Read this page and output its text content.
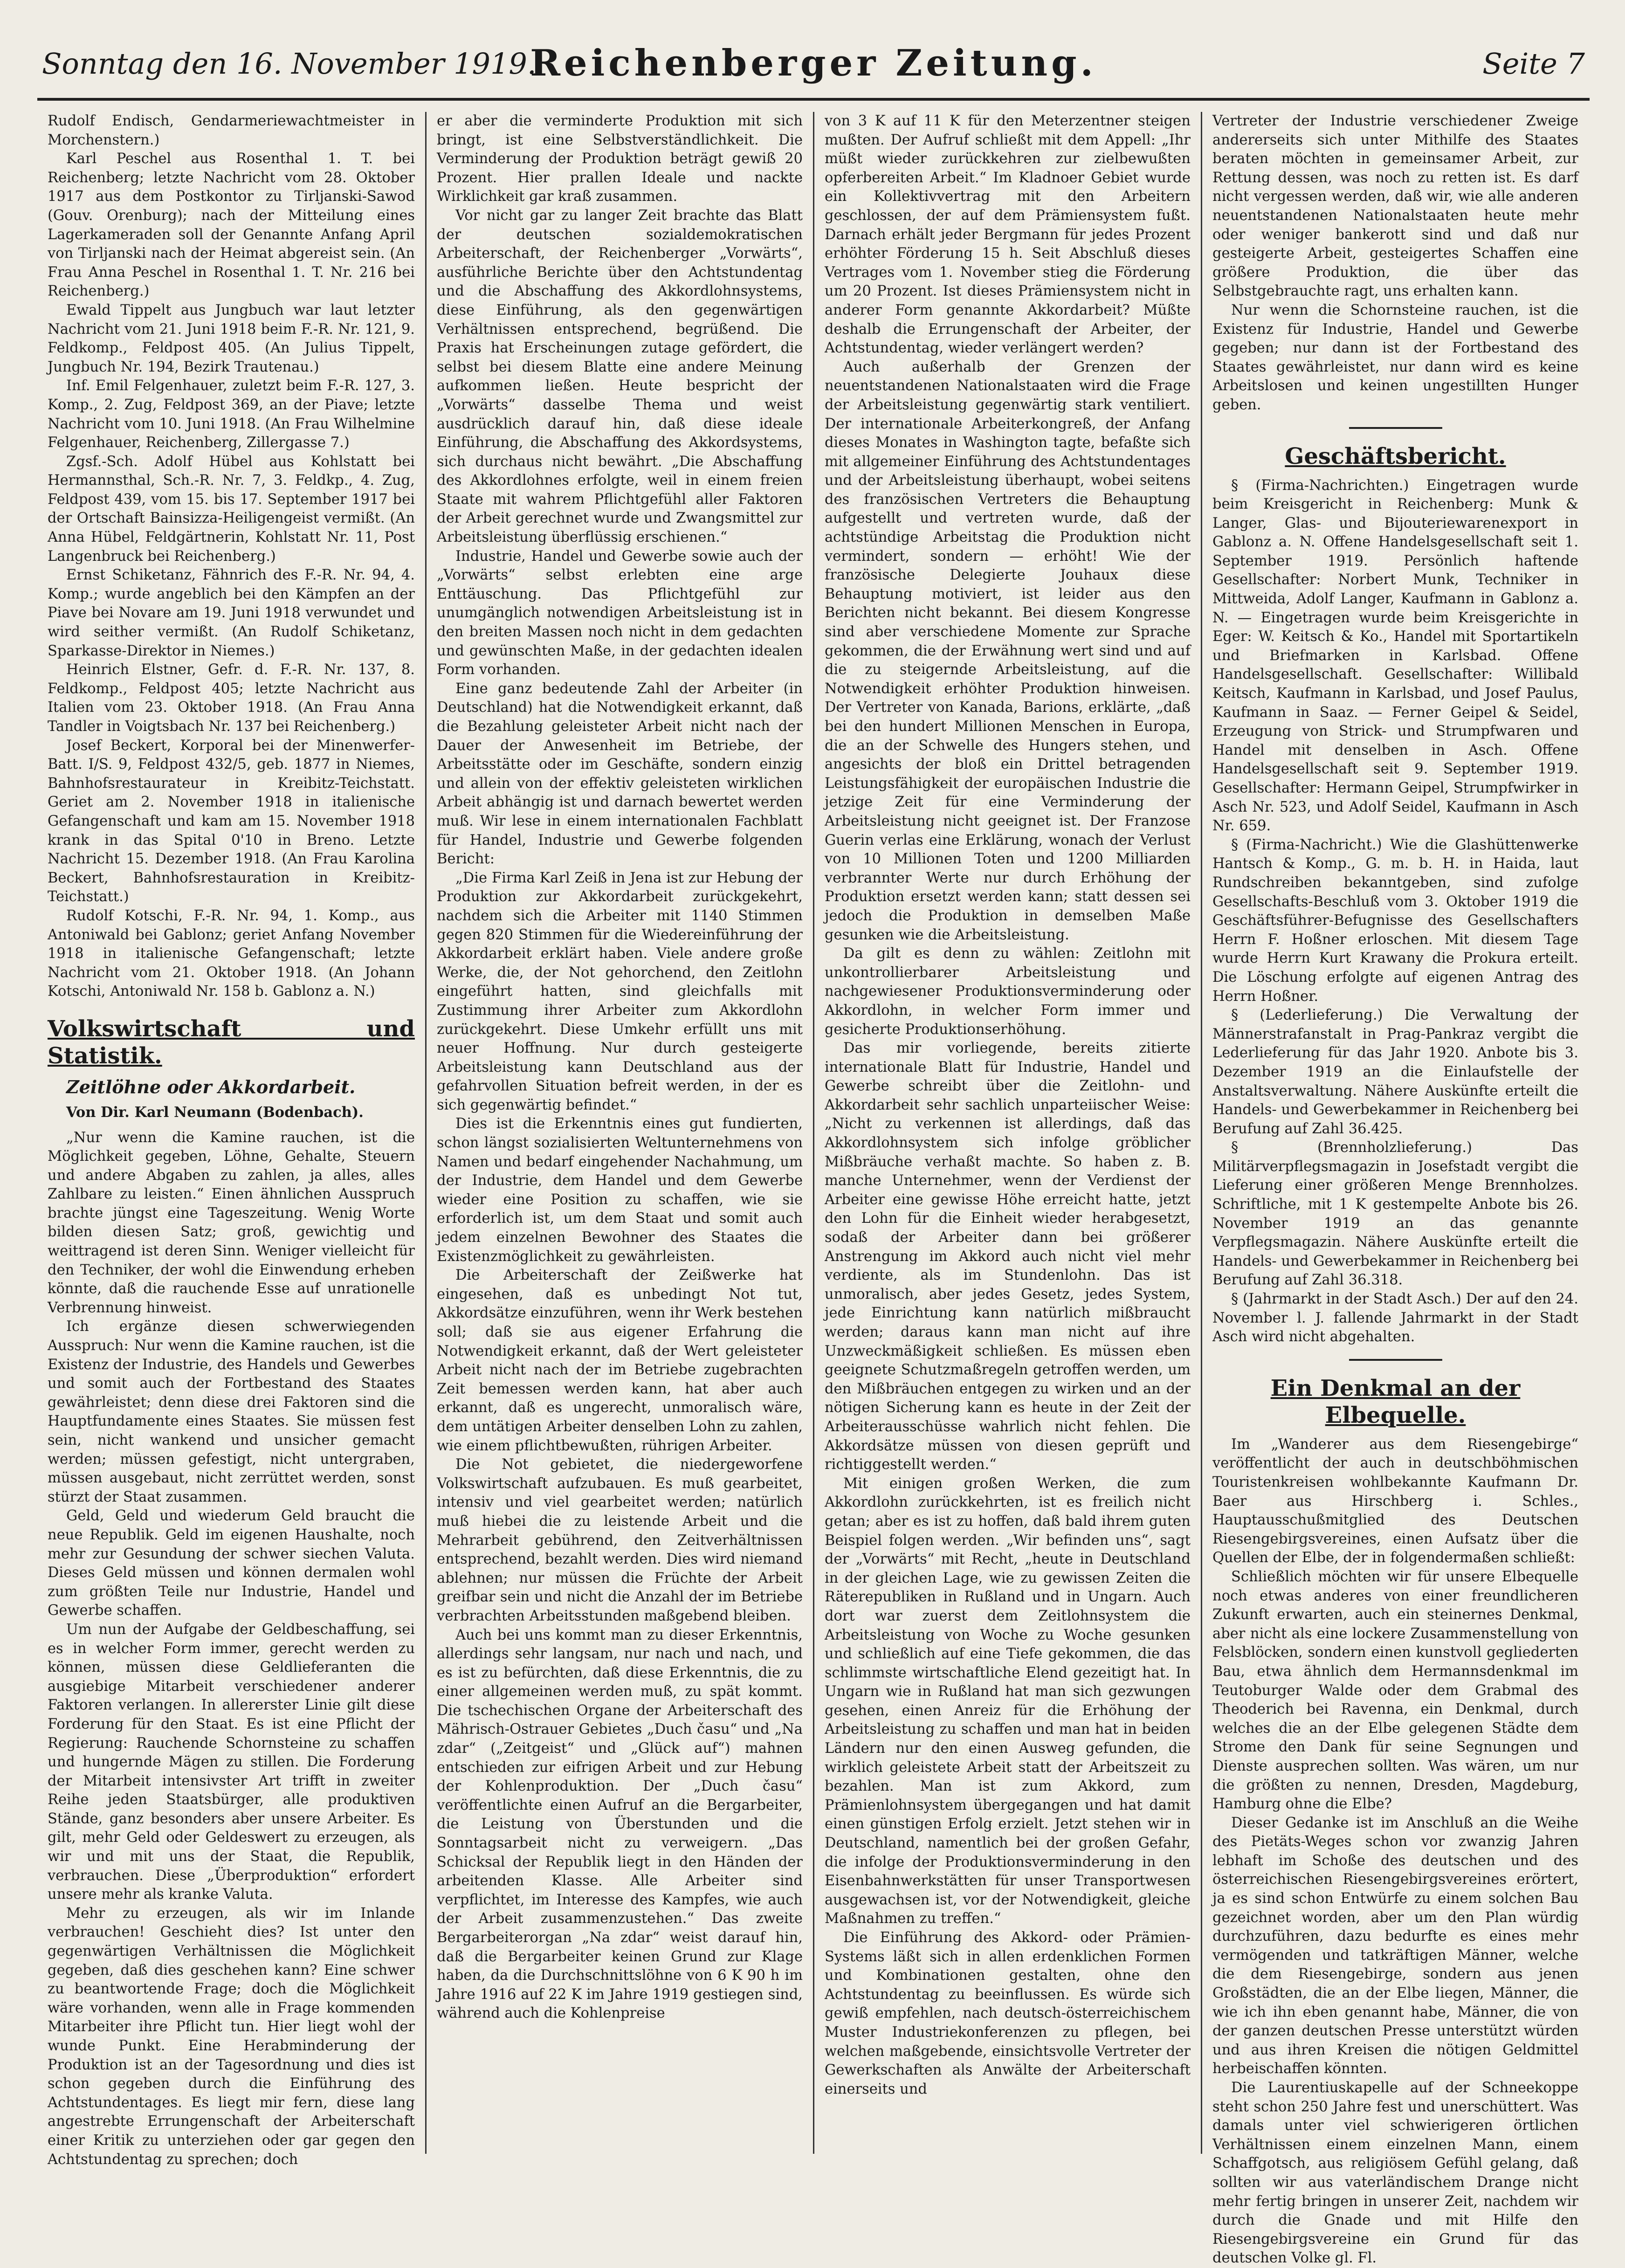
Sonntag den 16. November 1919.
Reichenberger Zeitung.	Seite 7

Rudolf Endisch, Gendarmeriewachtmeister in Morchenstern.)

Karl Peschel aus Rosenthal 1. T. bei Reichenberg; letzte Nachricht vom 28. Oktober 1917 aus dem Postkontor zu Tirljanski-Sawod (Gouv. Orenburg); nach der Mitteilung eines Lagerkameraden soll der Genannte Anfang April von Tirljanski nach der Heimat abgereist sein. (An Frau Anna Peschel in Rosenthal 1. T. Nr. 216 bei Reichenberg.)

Ewald Tippelt aus Jungbuch war laut letzter Nachricht vom 21. Juni 1918 beim F.-R. Nr. 121, 9. Feldkomp., Feldpost 405. (An Julius Tippelt, Jungbuch Nr. 194, Bezirk Trautenau.)

Inf. Emil Felgenhauer, zuletzt beim F.-R. 127, 3. Komp., 2. Zug, Feldpost 369, an der Piave; letzte Nachricht vom 10. Juni 1918. (An Frau Wilhelmine Felgenhauer, Reichenberg, Zillergasse 7.)

Zgsf.-Sch. Adolf Hübel aus Kohlstatt bei Hermannsthal, Sch.-R. Nr. 7, 3. Feldkp., 4. Zug, Feldpost 439, vom 15. bis 17. September 1917 bei der Ortschaft Bainsizza-Heiligengeist vermißt. (An Anna Hübel, Feldgärtnerin, Kohlstatt Nr. 11, Post Langenbruck bei Reichenberg.)

Ernst Schiketanz, Fähnrich des F.-R. Nr. 94, 4. Komp.; wurde angeblich bei den Kämpfen an der Piave bei Novare am 19. Juni 1918 verwundet und wird seither vermißt. (An Rudolf Schiketanz, Sparkasse-Direktor in Niemes.)

Heinrich Elstner, Gefr. d. F.-R. Nr. 137, 8. Feldkomp., Feldpost 405; letzte Nachricht aus Italien vom 23. Oktober 1918. (An Frau Anna Tandler in Voigtsbach Nr. 137 bei Reichenberg.)

Josef Beckert, Korporal bei der Minenwerfer-Batt. I/S. 9, Feldpost 432/5, geb. 1877 in Niemes, Bahnhofsrestaurateur in Kreibitz-Teichstatt. Geriet am 2. November 1918 in italienische Gefangenschaft und kam am 15. November 1918 krank in das Spital 0'10 in Breno. Letzte Nachricht 15. Dezember 1918. (An Frau Karolina Beckert, Bahnhofsrestauration in Kreibitz-Teichstatt.)

Rudolf Kotschi, F.-R. Nr. 94, 1. Komp., aus Antoniwald bei Gablonz; geriet Anfang November 1918 in italienische Gefangenschaft; letzte Nachricht vom 21. Oktober 1918. (An Johann Kotschi, Antoniwald Nr. 158 b. Gablonz a. N.)

Volkswirtschaft und Statistik.
Zeitlöhne oder Akkordarbeit.

Von Dir. Karl Neumann (Bodenbach).

„Nur wenn die Kamine rauchen, ist die Möglichkeit gegeben, Löhne, Gehalte, Steuern und andere Abgaben zu zahlen, ja alles, alles Zahlbare zu leisten.“ Einen ähnlichen Ausspruch brachte jüngst eine Tageszeitung. Wenig Worte bilden diesen Satz; groß, gewichtig und weittragend ist deren Sinn. Weniger vielleicht für den Techniker, der wohl die Einwendung erheben könnte, daß die rauchende Esse auf unrationelle Verbrennung hinweist.

Ich ergänze diesen schwerwiegenden Ausspruch: Nur wenn die Kamine rauchen, ist die Existenz der Industrie, des Handels und Gewerbes und somit auch der Fortbestand des Staates gewährleistet; denn diese drei Faktoren sind die Hauptfundamente eines Staates. Sie müssen fest sein, nicht wankend und unsicher gemacht werden; müssen gefestigt, nicht untergraben, müssen ausgebaut, nicht zerrüttet werden, sonst stürzt der Staat zusammen.

Geld, Geld und wiederum Geld braucht die neue Republik. Geld im eigenen Haushalte, noch mehr zur Gesundung der schwer siechen Valuta. Dieses Geld müssen und können dermalen wohl zum größten Teile nur Industrie, Handel und Gewerbe schaffen.

Um nun der Aufgabe der Geldbeschaffung, sei es in welcher Form immer, gerecht werden zu können, müssen diese Geldlieferanten die ausgiebige Mitarbeit verschiedener anderer Faktoren verlangen. In allererster Linie gilt diese Forderung für den Staat. Es ist eine Pflicht der Regierung: Rauchende Schornsteine zu schaffen und hungernde Mägen zu stillen. Die Forderung der Mitarbeit intensivster Art trifft in zweiter Reihe jeden Staatsbürger, alle produktiven Stände, ganz besonders aber unsere Arbeiter. Es gilt, mehr Geld oder Geldeswert zu erzeugen, als wir und mit uns der Staat, die Republik, verbrauchen. Diese „Überproduktion“ erfordert unsere mehr als kranke Valuta.

Mehr zu erzeugen, als wir im Inlande verbrauchen! Geschieht dies? Ist unter den gegenwärtigen Verhältnissen die Möglichkeit gegeben, daß dies geschehen kann? Eine schwer zu beantwortende Frage; doch die Möglichkeit wäre vorhanden, wenn alle in Frage kommenden Mitarbeiter ihre Pflicht tun. Hier liegt wohl der wunde Punkt. Eine Herabminderung der Produktion ist an der Tagesordnung und dies ist schon gegeben durch die Einführung des Achtstundentages. Es liegt mir fern, diese lang angestrebte Errungenschaft der Arbeiterschaft einer Kritik zu unterziehen oder gar gegen den Achtstundentag zu sprechen; doch

er aber die verminderte Produktion mit sich bringt, ist eine Selbstverständlichkeit. Die Verminderung der Produktion beträgt gewiß 20 Prozent. Hier prallen Ideale und nackte Wirklichkeit gar kraß zusammen.

Vor nicht gar zu langer Zeit brachte das Blatt der deutschen sozialdemokratischen Arbeiterschaft, der Reichenberger „Vorwärts“, ausführliche Berichte über den Achtstundentag und die Abschaffung des Akkordlohnsystems, diese Einführung, als den gegenwärtigen Verhältnissen entsprechend, begrüßend. Die Praxis hat Erscheinungen zutage gefördert, die selbst bei diesem Blatte eine andere Meinung aufkommen ließen. Heute bespricht der „Vorwärts“ dasselbe Thema und weist ausdrücklich darauf hin, daß diese ideale Einführung, die Abschaffung des Akkordsystems, sich durchaus nicht bewährt. „Die Abschaffung des Akkordlohnes erfolgte, weil in einem freien Staate mit wahrem Pflichtgefühl aller Faktoren der Arbeit gerechnet wurde und Zwangsmittel zur Arbeitsleistung überflüssig erschienen.“

Industrie, Handel und Gewerbe sowie auch der „Vorwärts“ selbst erlebten eine arge Enttäuschung. Das Pflichtgefühl zur unumgänglich notwendigen Arbeitsleistung ist in den breiten Massen noch nicht in dem gedachten und gewünschten Maße, in der gedachten idealen Form vorhanden.

Eine ganz bedeutende Zahl der Arbeiter (in Deutschland) hat die Notwendigkeit erkannt, daß die Bezahlung geleisteter Arbeit nicht nach der Dauer der Anwesenheit im Betriebe, der Arbeitsstätte oder im Geschäfte, sondern einzig und allein von der effektiv geleisteten wirklichen Arbeit abhängig ist und darnach bewertet werden muß. Wir lese in einem internationalen Fachblatt für Handel, Industrie und Gewerbe folgenden Bericht:

„Die Firma Karl Zeiß in Jena ist zur Hebung der Produktion zur Akkordarbeit zurückgekehrt, nachdem sich die Arbeiter mit 1140 Stimmen gegen 820 Stimmen für die Wiedereinführung der Akkordarbeit erklärt haben. Viele andere große Werke, die, der Not gehorchend, den Zeitlohn eingeführt hatten, sind gleichfalls mit Zustimmung ihrer Arbeiter zum Akkordlohn zurückgekehrt. Diese Umkehr erfüllt uns mit neuer Hoffnung. Nur durch gesteigerte Arbeitsleistung kann Deutschland aus der gefahrvollen Situation befreit werden, in der es sich gegenwärtig befindet.“

Dies ist die Erkenntnis eines gut fundierten, schon längst sozialisierten Weltunternehmens von Namen und bedarf eingehender Nachahmung, um der Industrie, dem Handel und dem Gewerbe wieder eine Position zu schaffen, wie sie erforderlich ist, um dem Staat und somit auch jedem einzelnen Bewohner des Staates die Existenzmöglichkeit zu gewährleisten.

Die Arbeiterschaft der Zeißwerke hat eingesehen, daß es unbedingt Not tut, Akkordsätze einzuführen, wenn ihr Werk bestehen soll; daß sie aus eigener Erfahrung die Notwendigkeit erkannt, daß der Wert geleisteter Arbeit nicht nach der im Betriebe zugebrachten Zeit bemessen werden kann, hat aber auch erkannt, daß es ungerecht, unmoralisch wäre, dem untätigen Arbeiter denselben Lohn zu zahlen, wie einem pflichtbewußten, rührigen Arbeiter.

Die Not gebietet, die niedergeworfene Volkswirtschaft aufzubauen. Es muß gearbeitet, intensiv und viel gearbeitet werden; natürlich muß hiebei die zu leistende Arbeit und die Mehrarbeit gebührend, den Zeitverhältnissen entsprechend, bezahlt werden. Dies wird niemand ablehnen; nur müssen die Früchte der Arbeit greifbar sein und nicht die Anzahl der im Betriebe verbrachten Arbeitsstunden maßgebend bleiben.

Auch bei uns kommt man zu dieser Erkenntnis, allerdings sehr langsam, nur nach und nach, und es ist zu befürchten, daß diese Erkenntnis, die zu einer allgemeinen werden muß, zu spät kommt. Die tschechischen Organe der Arbeiterschaft des Mährisch-Ostrauer Gebietes „Duch času“ und „Na zdar“ („Zeitgeist“ und „Glück auf“) mahnen entschieden zur eifrigen Arbeit und zur Hebung der Kohlenproduktion. Der „Duch času“ veröffentlichte einen Aufruf an die Bergarbeiter, die Leistung von Überstunden und die Sonntagsarbeit nicht zu verweigern. „Das Schicksal der Republik liegt in den Händen der arbeitenden Klasse. Alle Arbeiter sind verpflichtet, im Interesse des Kampfes, wie auch der Arbeit zusammenzustehen.“ Das zweite Bergarbeiterorgan „Na zdar“ weist darauf hin, daß die Bergarbeiter keinen Grund zur Klage haben, da die Durchschnittslöhne von 6 K 90 h im Jahre 1916 auf 22 K im Jahre 1919 gestiegen sind, während auch die Kohlenpreise

von 3 K auf 11 K für den Meterzentner steigen mußten. Der Aufruf schließt mit dem Appell: „Ihr müßt wieder zurückkehren zur zielbewußten opferbereiten Arbeit.“ Im Kladnoer Gebiet wurde ein Kollektivvertrag mit den Arbeitern geschlossen, der auf dem Prämiensystem fußt. Darnach erhält jeder Bergmann für jedes Prozent erhöhter Förderung 15 h. Seit Abschluß dieses Vertrages vom 1. November stieg die Förderung um 20 Prozent. Ist dieses Prämiensystem nicht in anderer Form genannte Akkordarbeit? Müßte deshalb die Errungenschaft der Arbeiter, der Achtstundentag, wieder verlängert werden?

Auch außerhalb der Grenzen der neuentstandenen Nationalstaaten wird die Frage der Arbeitsleistung gegenwärtig stark ventiliert. Der internationale Arbeiterkongreß, der Anfang dieses Monates in Washington tagte, befaßte sich mit allgemeiner Einführung des Achtstundentages und der Arbeitsleistung überhaupt, wobei seitens des französischen Vertreters die Behauptung aufgestellt und vertreten wurde, daß der achtstündige Arbeitstag die Produktion nicht vermindert, sondern — erhöht! Wie der französische Delegierte Jouhaux diese Behauptung motiviert, ist leider aus den Berichten nicht bekannt. Bei diesem Kongresse sind aber verschiedene Momente zur Sprache gekommen, die der Erwähnung wert sind und auf die zu steigernde Arbeitsleistung, auf die Notwendigkeit erhöhter Produktion hinweisen. Der Vertreter von Kanada, Barions, erklärte, „daß bei den hundert Millionen Menschen in Europa, die an der Schwelle des Hungers stehen, und angesichts der bloß ein Drittel betragenden Leistungsfähigkeit der europäischen Industrie die jetzige Zeit für eine Verminderung der Arbeitsleistung nicht geeignet ist. Der Franzose Guerin verlas eine Erklärung, wonach der Verlust von 10 Millionen Toten und 1200 Milliarden verbrannter Werte nur durch Erhöhung der Produktion ersetzt werden kann; statt dessen sei jedoch die Produktion in demselben Maße gesunken wie die Arbeitsleistung.

Da gilt es denn zu wählen: Zeitlohn mit unkontrollierbarer Arbeitsleistung und nachgewiesener Produktionsverminderung oder Akkordlohn, in welcher Form immer und gesicherte Produktionserhöhung.

Das mir vorliegende, bereits zitierte internationale Blatt für Industrie, Handel und Gewerbe schreibt über die Zeitlohn- und Akkordarbeit sehr sachlich unparteiischer Weise: „Nicht zu verkennen ist allerdings, daß das Akkordlohnsystem sich infolge gröblicher Mißbräuche verhaßt machte. So haben z. B. manche Unternehmer, wenn der Verdienst der Arbeiter eine gewisse Höhe erreicht hatte, jetzt den Lohn für die Einheit wieder herabgesetzt, sodaß der Arbeiter dann bei größerer Anstrengung im Akkord auch nicht viel mehr verdiente, als im Stundenlohn. Das ist unmoralisch, aber jedes Gesetz, jedes System, jede Einrichtung kann natürlich mißbraucht werden; daraus kann man nicht auf ihre Unzweckmäßigkeit schließen. Es müssen eben geeignete Schutzmaßregeln getroffen werden, um den Mißbräuchen entgegen zu wirken und an der nötigen Sicherung kann es heute in der Zeit der Arbeiterausschüsse wahrlich nicht fehlen. Die Akkordsätze müssen von diesen geprüft und richtiggestellt werden.“

Mit einigen großen Werken, die zum Akkordlohn zurückkehrten, ist es freilich nicht getan; aber es ist zu hoffen, daß bald ihrem guten Beispiel folgen werden. „Wir befinden uns“, sagt der „Vorwärts“ mit Recht, „heute in Deutschland in der gleichen Lage, wie zu gewissen Zeiten die Räterepubliken in Rußland und in Ungarn. Auch dort war zuerst dem Zeitlohnsystem die Arbeitsleistung von Woche zu Woche gesunken und schließlich auf eine Tiefe gekommen, die das schlimmste wirtschaftliche Elend gezeitigt hat. In Ungarn wie in Rußland hat man sich gezwungen gesehen, einen Anreiz für die Erhöhung der Arbeitsleistung zu schaffen und man hat in beiden Ländern nur den einen Ausweg gefunden, die wirklich geleistete Arbeit statt der Arbeitszeit zu bezahlen. Man ist zum Akkord, zum Prämienlohnsystem übergegangen und hat damit einen günstigen Erfolg erzielt. Jetzt stehen wir in Deutschland, namentlich bei der großen Gefahr, die infolge der Produktionsverminderung in den Eisenbahnwerkstätten für unser Transportwesen ausgewachsen ist, vor der Notwendigkeit, gleiche Maßnahmen zu treffen.“

Die Einführung des Akkord- oder Prämien-Systems läßt sich in allen erdenklichen Formen und Kombinationen gestalten, ohne den Achtstundentag zu beeinflussen. Es würde sich gewiß empfehlen, nach deutsch-österreichischem Muster Industriekonferenzen zu pflegen, bei welchen maßgebende, einsichtsvolle Vertreter der Gewerkschaften als Anwälte der Arbeiterschaft einerseits und

Vertreter der Industrie verschiedener Zweige andererseits sich unter Mithilfe des Staates beraten möchten in gemeinsamer Arbeit, zur Rettung dessen, was noch zu retten ist. Es darf nicht vergessen werden, daß wir, wie alle anderen neuentstandenen Nationalstaaten heute mehr oder weniger bankerott sind und daß nur gesteigerte Arbeit, gesteigertes Schaffen eine größere Produktion, die über das Selbstgebrauchte ragt, uns erhalten kann.

Nur wenn die Schornsteine rauchen, ist die Existenz für Industrie, Handel und Gewerbe gegeben; nur dann ist der Fortbestand des Staates gewährleistet, nur dann wird es keine Arbeitslosen und keinen ungestillten Hunger geben.

Geschäftsbericht.

§ (Firma-Nachrichten.) Eingetragen wurde beim Kreisgericht in Reichenberg: Munk & Langer, Glas- und Bijouteriewarenexport in Gablonz a. N. Offene Handelsgesellschaft seit 1. September 1919. Persönlich haftende Gesellschafter: Norbert Munk, Techniker in Mittweida, Adolf Langer, Kaufmann in Gablonz a. N. — Eingetragen wurde beim Kreisgerichte in Eger: W. Keitsch & Ko., Handel mit Sportartikeln und Briefmarken in Karlsbad. Offene Handelsgesellschaft. Gesellschafter: Willibald Keitsch, Kaufmann in Karlsbad, und Josef Paulus, Kaufmann in Saaz. — Ferner Geipel & Seidel, Erzeugung von Strick- und Strumpfwaren und Handel mit denselben in Asch. Offene Handelsgesellschaft seit 9. September 1919. Gesellschafter: Hermann Geipel, Strumpfwirker in Asch Nr. 523, und Adolf Seidel, Kaufmann in Asch Nr. 659.

§ (Firma-Nachricht.) Wie die Glashüttenwerke Hantsch & Komp., G. m. b. H. in Haida, laut Rundschreiben bekanntgeben, sind zufolge Gesellschafts-Beschluß vom 3. Oktober 1919 die Geschäftsführer-Befugnisse des Gesellschafters Herrn F. Hoßner erloschen. Mit diesem Tage wurde Herrn Kurt Krawany die Prokura erteilt. Die Löschung erfolgte auf eigenen Antrag des Herrn Hoßner.

§ (Lederlieferung.) Die Verwaltung der Männerstrafanstalt in Prag-Pankraz vergibt die Lederlieferung für das Jahr 1920. Anbote bis 3. Dezember 1919 an die Einlaufstelle der Anstaltsverwaltung. Nähere Auskünfte erteilt die Handels- und Gewerbekammer in Reichenberg bei Berufung auf Zahl 36.425.

§ (Brennholzlieferung.) Das Militärverpflegsmagazin in Josefstadt vergibt die Lieferung einer größeren Menge Brennholzes. Schriftliche, mit 1 K gestempelte Anbote bis 26. November 1919 an das genannte Verpflegsmagazin. Nähere Auskünfte erteilt die Handels- und Gewerbekammer in Reichenberg bei Berufung auf Zahl 36.318.

§ (Jahrmarkt in der Stadt Asch.) Der auf den 24. November l. J. fallende Jahrmarkt in der Stadt Asch wird nicht abgehalten.

Ein Denkmal an der Elbequelle.

Im „Wanderer aus dem Riesengebirge“ veröffentlicht der auch in deutschböhmischen Touristenkreisen wohlbekannte Kaufmann Dr. Baer aus Hirschberg i. Schles., Hauptausschußmitglied des Deutschen Riesengebirgsvereines, einen Aufsatz über die Quellen der Elbe, der in folgendermaßen schließt:

Schließlich möchten wir für unsere Elbequelle noch etwas anderes von einer freundlicheren Zukunft erwarten, auch ein steinernes Denkmal, aber nicht als eine lockere Zusammenstellung von Felsblöcken, sondern einen kunstvoll gegliederten Bau, etwa ähnlich dem Hermannsdenkmal im Teutoburger Walde oder dem Grabmal des Theoderich bei Ravenna, ein Denkmal, durch welches die an der Elbe gelegenen Städte dem Strome den Dank für seine Segnungen und Dienste ausprechen sollten. Was wären, um nur die größten zu nennen, Dresden, Magdeburg, Hamburg ohne die Elbe?

Dieser Gedanke ist im Anschluß an die Weihe des Pietäts-Weges schon vor zwanzig Jahren lebhaft im Schoße des deutschen und des österreichischen Riesengebirgsvereines erörtert, ja es sind schon Entwürfe zu einem solchen Bau gezeichnet worden, aber um den Plan würdig durchzuführen, dazu bedurfte es eines mehr vermögenden und tatkräftigen Männer, welche die dem Riesengebirge, sondern aus jenen Großstädten, die an der Elbe liegen, Männer, die wie ich ihn eben genannt habe, Männer, die von der ganzen deutschen Presse unterstützt würden und aus ihren Kreisen die nötigen Geldmittel herbeischaffen könnten.

Die Laurentiuskapelle auf der Schneekoppe steht schon 250 Jahre fest und unerschüttert. Was damals unter viel schwierigeren örtlichen Verhältnissen einem einzelnen Mann, einem Schaffgotsch, aus religiösem Gefühl gelang, daß sollten wir aus vaterländischem Drange nicht mehr fertig bringen in unserer Zeit, nachdem wir durch die Gnade und mit Hilfe den Riesengebirgsvereine ein Grund für das deutschen Volke gl. Fl.
